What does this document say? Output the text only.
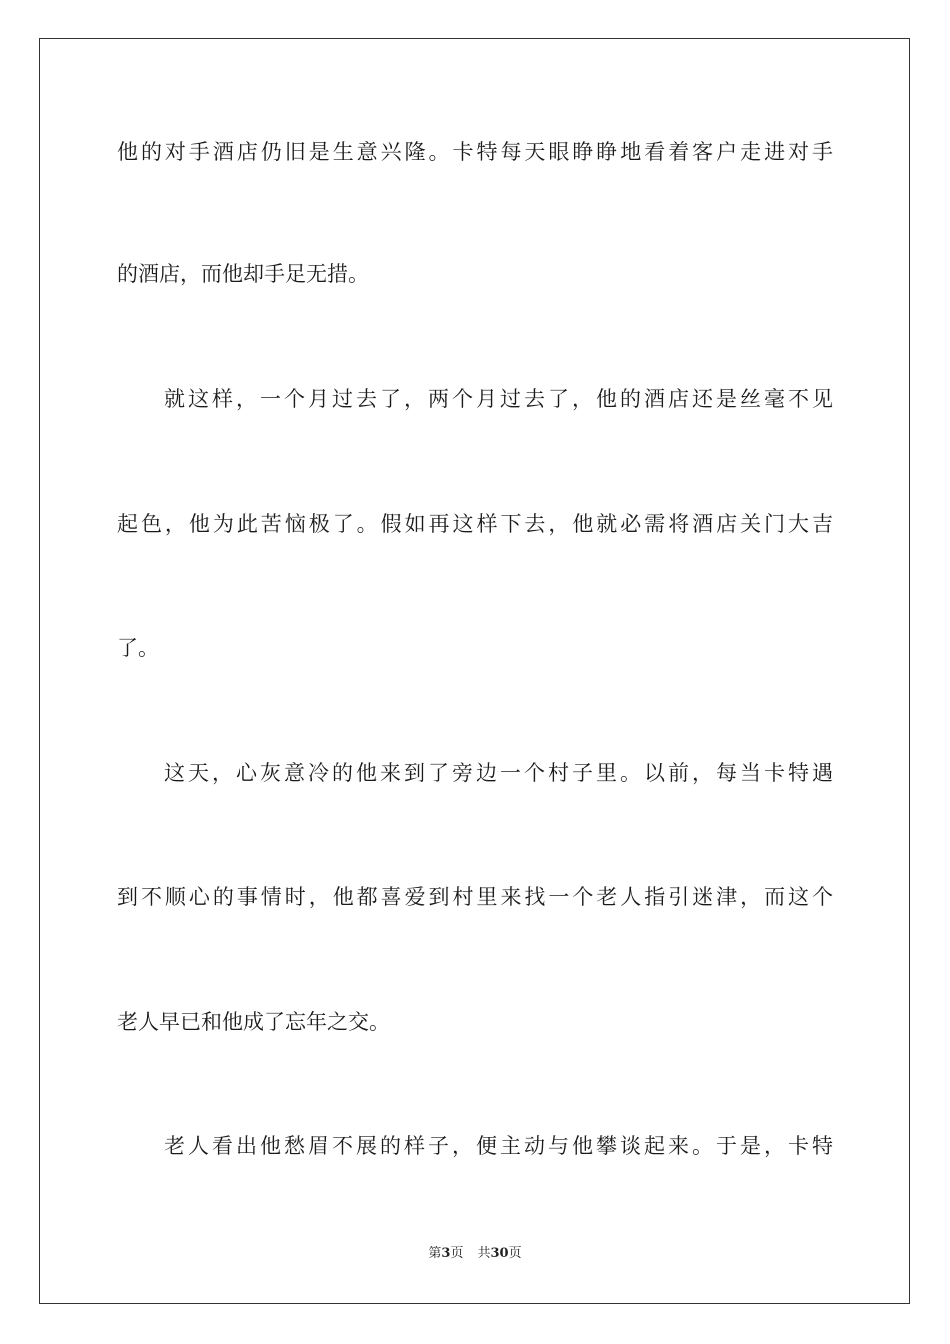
他的对手酒店仍旧是生意兴隆。卡特每天眼睁睁地看着客户走进对手
的酒店，而他却手足无措。
就这样，一个月过去了，两个月过去了，他的酒店还是丝毫不见
起色，他为此苦恼极了。假如再这样下去，他就必需将酒店关门大吉
了。
这天，心灰意冷的他来到了旁边一个村子里。以前，每当卡特遇
到不顺心的事情时，他都喜爱到村里来找一个老人指引迷津，而这个
老人早已和他成了忘年之交。
老人看出他愁眉不展的样子，便主动与他攀谈起来。于是，卡特
第3页 共30页
